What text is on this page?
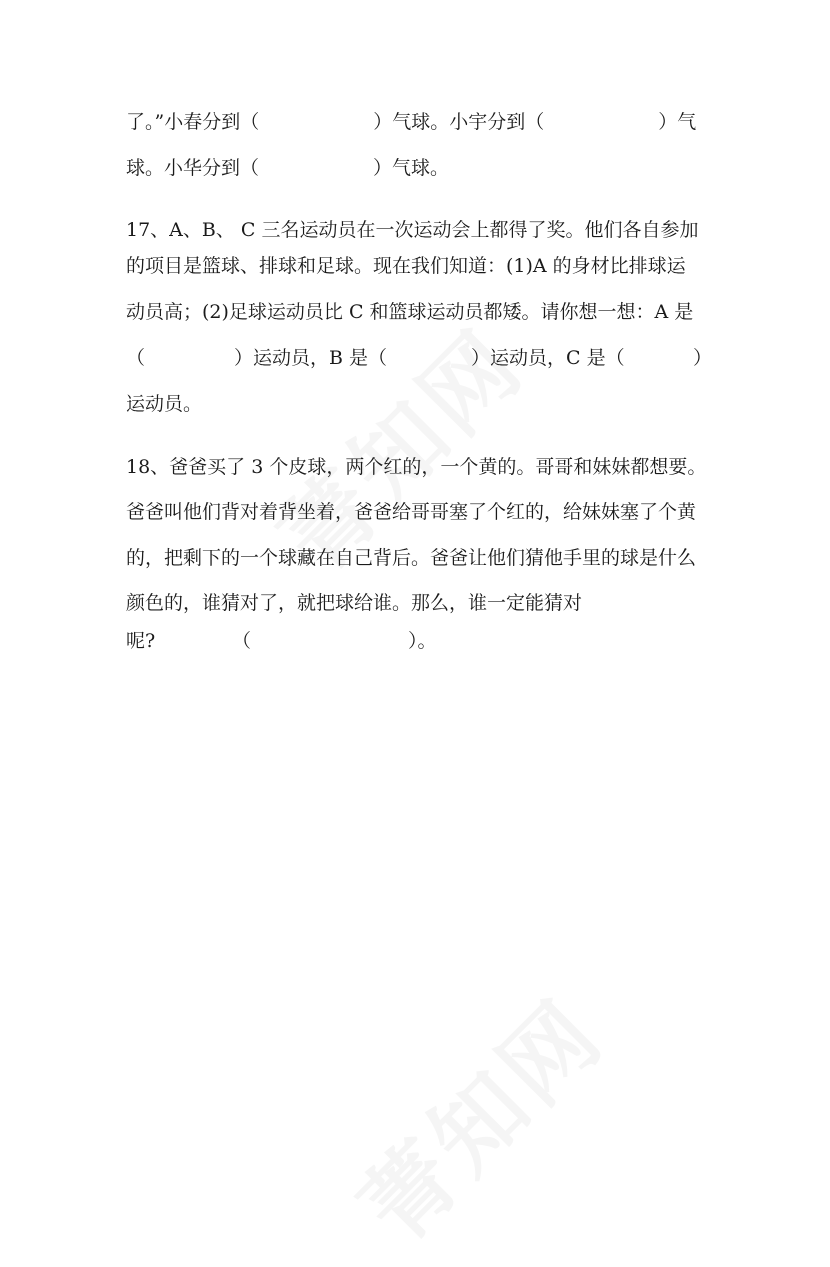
了。”小春分到（　　　　　　）气球。小宇分到（　　　　　　）气
球。小华分到（　　　　　　）气球。
17、A、B、 C 三名运动员在一次运动会上都得了奖。他们各自参加
的项目是篮球、排球和足球。现在我们知道：(1)A 的身材比排球运
动员高；(2)足球运动员比 C 和篮球运动员都矮。请你想一想：A 是
（	）运动员，B 是（	）运动员，C 是（	）
运动员。
18、爸爸买了 3 个皮球，两个红的，一个黄的。哥哥和妹妹都想要。
爸爸叫他们背对着背坐着，爸爸给哥哥塞了个红的，给妹妹塞了个黄
的，把剩下的一个球藏在自己背后。爸爸让他们猜他手里的球是什么
颜色的，谁猜对了，就把球给谁。那么，谁一定能猜对
呢?	（	）。
